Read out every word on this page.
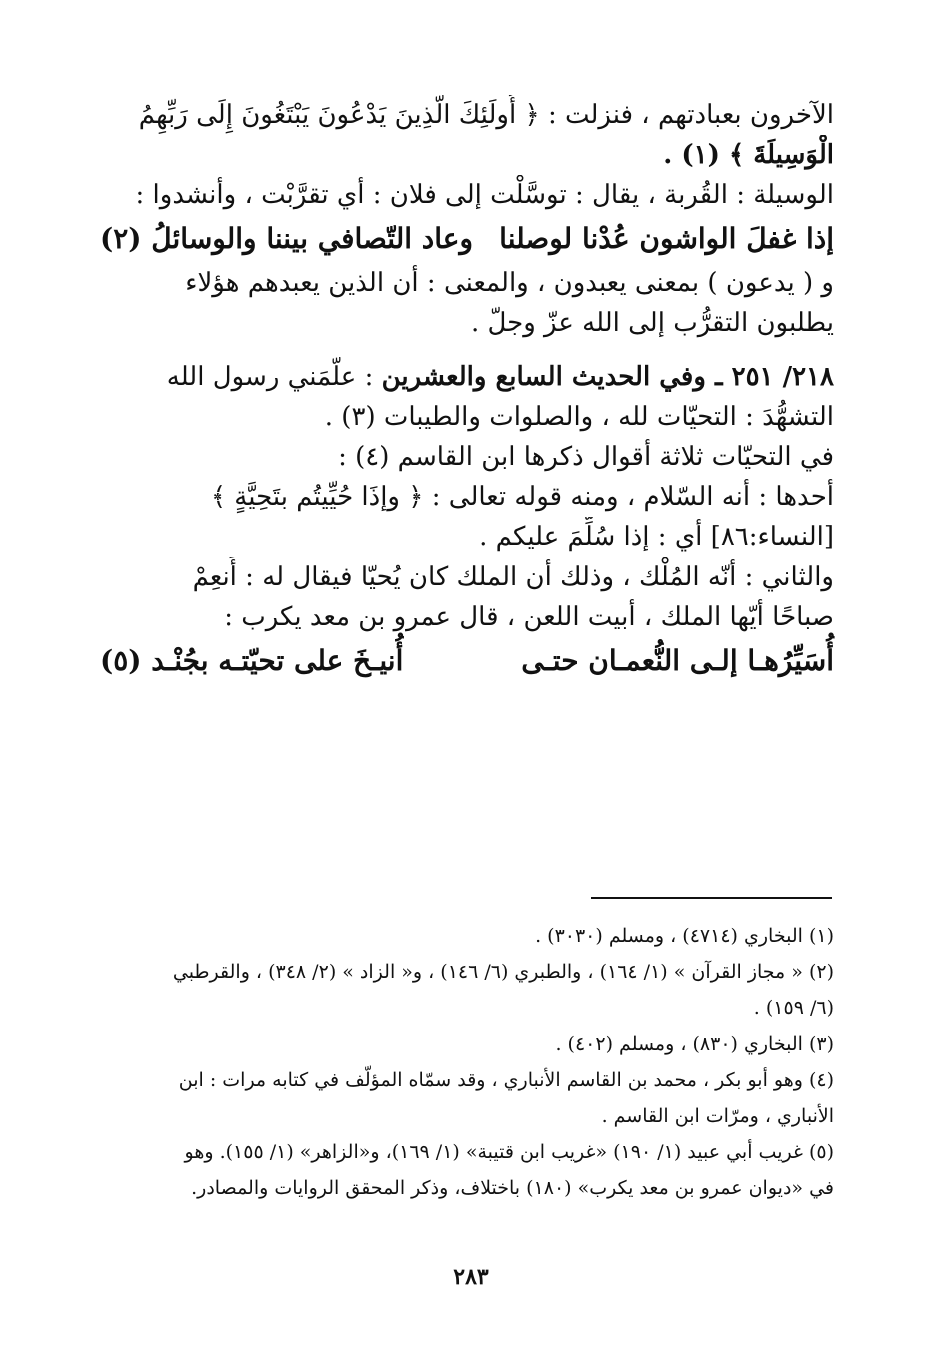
الآخرون بعبادتهم ، فنزلت : ﴿ أُولَئِكَ الَّذِينَ يَدْعُونَ يَبْتَغُونَ إِلَى رَبِّهِمُ
الْوَسِيلَةَ ﴾ (١) .
الوسيلة : القُربة ، يقال : توسَّلْت إلى فلان : أي تقرَّبْت ، وأنشدوا :
إذا غفلَ الواشون عُدْنا لوصلنا
وعاد التّصافي بيننا والوسائلُ (٢)
و ( يدعون ) بمعنى يعبدون ، والمعنى : أن الذين يعبدهم هؤلاء
يطلبون التقرُّب إلى الله عزّ وجلّ .
٢١٨/ ٢٥١ ـ وفي الحديث السابع والعشرين : علَّمَني رسول الله
التشهُّدَ : التحيّات لله ، والصلوات والطيبات (٣) .
في التحيّات ثلاثة أقوال ذكرها ابن القاسم (٤) :
أحدها : أنه السّلام ، ومنه قوله تعالى : ﴿ وإذَا حُيِّيتُم بتَحِيَّةٍ ﴾
[النساء:٨٦] أي : إذا سُلِّمَ عليكم .
والثاني : أنّه المُلْك ، وذلك أن الملك كان يُحيّا فيقال له : أَنعِمْ
صباحًا أيّها الملك ، أبيت اللعن ، قال عمرو بن معد يكرب :
أُسَيِّرُهـا إلـى النُّعمـان حتـى
أُنيـخَ على تحيّتـه بجُنْـد (٥)
(١) البخاري (٤٧١٤) ، ومسلم (٣٠٣٠) .
(٢) « مجاز القرآن » (١/ ١٦٤) ، والطبري (٦/ ١٤٦) ، و« الزاد » (٢/ ٣٤٨) ، والقرطبي
(٦/ ١٥٩) .
(٣) البخاري (٨٣٠) ، ومسلم (٤٠٢) .
(٤) وهو أبو بكر ، محمد بن القاسم الأنباري ، وقد سمّاه المؤلّف في كتابه مرات : ابن
الأنباري ، ومرّات ابن القاسم .
(٥) غريب أبي عبيد (١/ ١٩٠) «غريب ابن قتيبة» (١/ ١٦٩)، و«الزاهر» (١/ ١٥٥). وهو
في «ديوان عمرو بن معد يكرب» (١٨٠) باختلاف، وذكر المحقق الروايات والمصادر.
٢٨٣
